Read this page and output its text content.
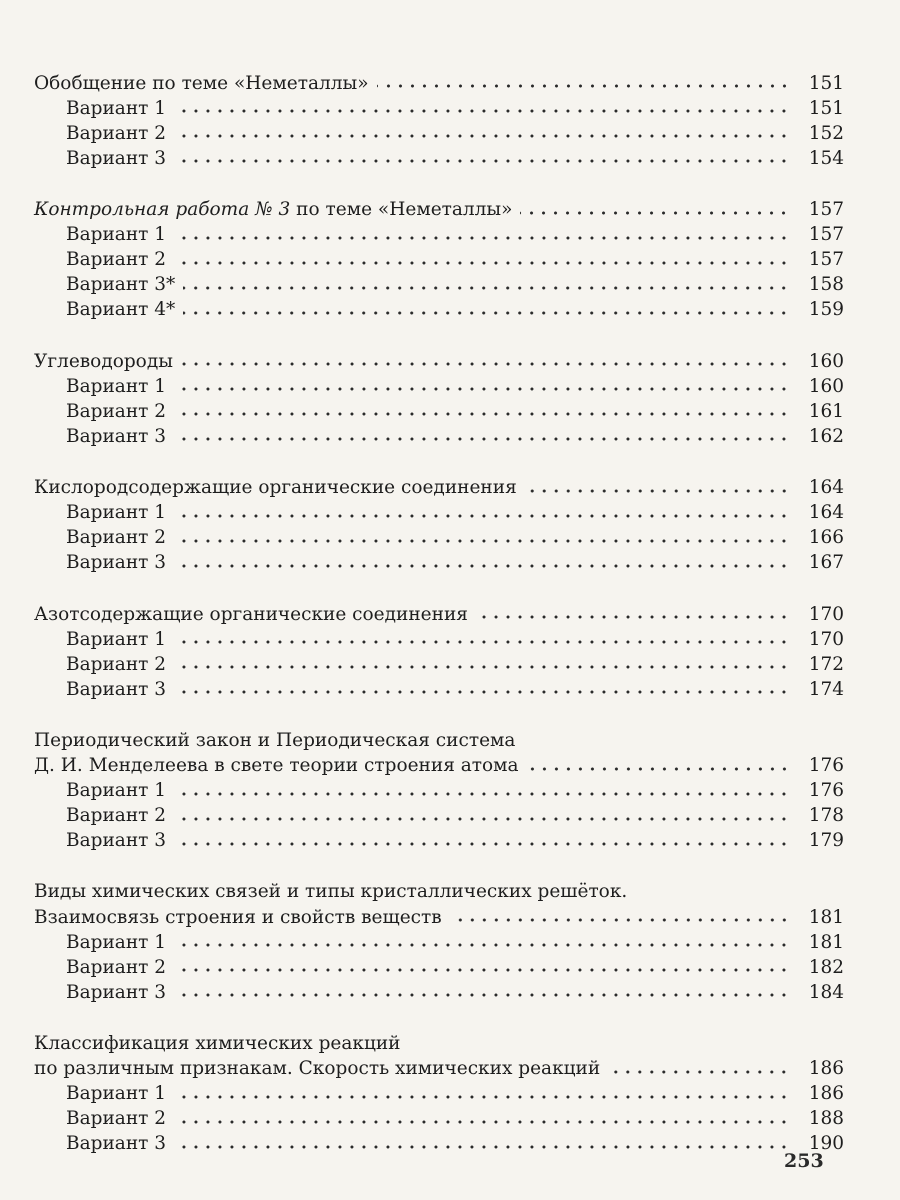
Обобщение по теме «Неметаллы»	151
Вариант 1	151
Вариант 2	152
Вариант 3	154
Контрольная работа № 3 по теме «Неметаллы»	157
Вариант 1	157
Вариант 2	157
Вариант 3*	158
Вариант 4*	159
Углеводороды	160
Вариант 1	160
Вариант 2	161
Вариант 3	162
Кислородсодержащие органические соединения	164
Вариант 1	164
Вариант 2	166
Вариант 3	167
Азотсодержащие органические соединения	170
Вариант 1	170
Вариант 2	172
Вариант 3	174
Периодический закон и Периодическая система
Д. И. Менделеева в свете теории строения атома	176
Вариант 1	176
Вариант 2	178
Вариант 3	179
Виды химических связей и типы кристаллических решёток.
Взаимосвязь строения и свойств веществ	181
Вариант 1	181
Вариант 2	182
Вариант 3	184
Классификация химических реакций
по различным признакам. Скорость химических реакций	186
Вариант 1	186
Вариант 2	188
Вариант 3	190
253
